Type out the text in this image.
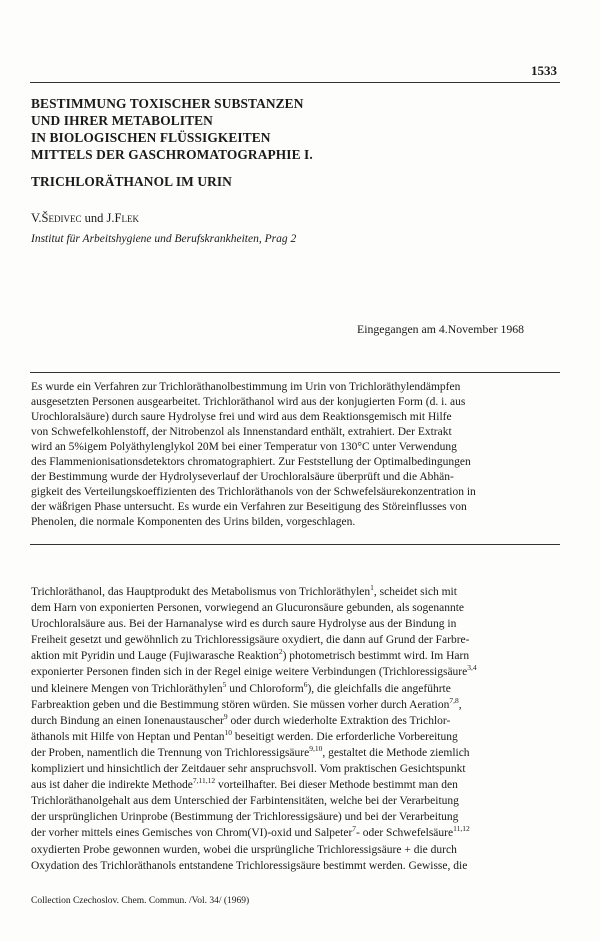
1533
BESTIMMUNG TOXISCHER SUBSTANZEN
UND IHRER METABOLITEN
IN BIOLOGISCHEN FLÜSSIGKEITEN
MITTELS DER GASCHROMATOGRAPHIE I.
TRICHLORÄTHANOL IM URIN
V.Šedivec und J.Flek
Institut für Arbeitshygiene und Berufskrankheiten, Prag 2
Eingegangen am 4.November 1968
Es wurde ein Verfahren zur Trichloräthanolbestimmung im Urin von Trichloräthylendämpfen
ausgesetzten Personen ausgearbeitet. Trichloräthanol wird aus der konjugierten Form (d. i. aus
Urochloralsäure) durch saure Hydrolyse frei und wird aus dem Reaktionsgemisch mit Hilfe
von Schwefelkohlenstoff, der Nitrobenzol als Innenstandard enthält, extrahiert. Der Extrakt
wird an 5%igem Polyäthylenglykol 20M bei einer Temperatur von 130°C unter Verwendung
des Flammenionisationsdetektors chromatographiert. Zur Feststellung der Optimalbedingungen
der Bestimmung wurde der Hydrolyseverlauf der Urochloralsäure überprüft und die Abhän-
gigkeit des Verteilungskoeffizienten des Trichloräthanols von der Schwefelsäurekonzentration in
der wäßrigen Phase untersucht. Es wurde ein Verfahren zur Beseitigung des Störeinflusses von
Phenolen, die normale Komponenten des Urins bilden, vorgeschlagen.
Trichloräthanol, das Hauptprodukt des Metabolismus von Trichloräthylen$^1$, scheidet sich mit
dem Harn von exponierten Personen, vorwiegend an Glucuronsäure gebunden, als sogenannte
Urochloralsäure aus. Bei der Harnanalyse wird es durch saure Hydrolyse aus der Bindung in
Freiheit gesetzt und gewöhnlich zu Trichloressigsäure oxydiert, die dann auf Grund der Farbre-
aktion mit Pyridin und Lauge (Fujiwarasche Reaktion$^2$) photometrisch bestimmt wird. Im Harn
exponierter Personen finden sich in der Regel einige weitere Verbindungen (Trichloressigsäure$^{3,4}$
und kleinere Mengen von Trichloräthylen$^5$ und Chloroform$^6$), die gleichfalls die angeführte
Farbreaktion geben und die Bestimmung stören würden. Sie müssen vorher durch Aeration$^{7,8}$,
durch Bindung an einen Ionenaustauscher$^9$ oder durch wiederholte Extraktion des Trichlor-
äthanols mit Hilfe von Heptan und Pentan$^{10}$ beseitigt werden. Die erforderliche Vorbereitung
der Proben, namentlich die Trennung von Trichloressigsäure$^{9,10}$, gestaltet die Methode ziemlich
kompliziert und hinsichtlich der Zeitdauer sehr anspruchsvoll. Vom praktischen Gesichtspunkt
aus ist daher die indirekte Methode$^{7,11,12}$ vorteilhafter. Bei dieser Methode bestimmt man den
Trichloräthanolgehalt aus dem Unterschied der Farbintensitäten, welche bei der Verarbeitung
der ursprünglichen Urinprobe (Bestimmung der Trichloressigsäure) und bei der Verarbeitung
der vorher mittels eines Gemisches von Chrom(VI)-oxid und Salpeter$^7$- oder Schwefelsäure$^{11,12}$
oxydierten Probe gewonnen wurden, wobei die ursprüngliche Trichloressigsäure + die durch
Oxydation des Trichloräthanols entstandene Trichloressigsäure bestimmt werden. Gewisse, die
Collection Czechoslov. Chem. Commun. /Vol. 34/ (1969)
